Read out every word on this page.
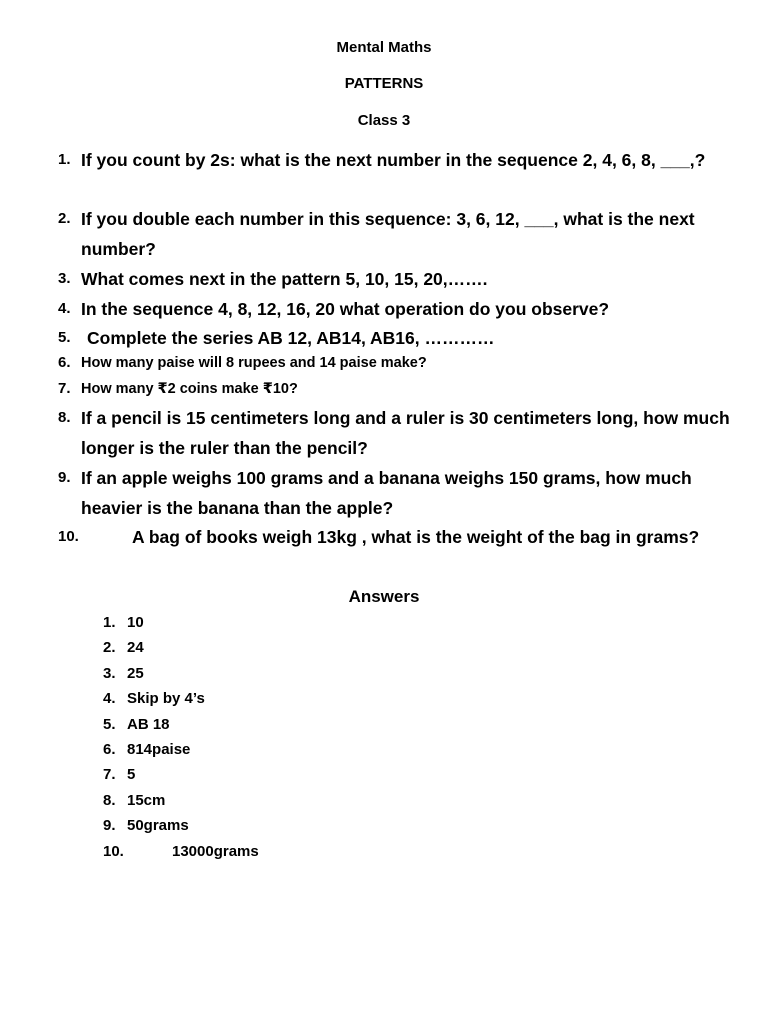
Mental Maths
PATTERNS
Class 3
1. If you count by 2s: what is the next number in the sequence 2, 4, 6, 8, ___,?
2. If you double each number in this sequence: 3, 6, 12, ___, what is the next number?
3. What comes next in the pattern 5, 10, 15, 20,…….
4. In the sequence 4, 8, 12, 16, 20 what operation do you observe?
5. Complete the series AB 12, AB14, AB16, …………
6. How many paise will 8 rupees and 14 paise make?
7. How many ₹2 coins make ₹10?
8. If a pencil is 15 centimeters long and a ruler is 30 centimeters long, how much longer is the ruler than the pencil?
9. If an apple weighs 100 grams and a banana weighs 150 grams, how much heavier is the banana than the apple?
10.	A bag of books weigh 13kg , what is the weight of the bag in grams?
Answers
1. 10
2. 24
3. 25
4. Skip by 4’s
5. AB 18
6. 814paise
7. 5
8. 15cm
9. 50grams
10.	13000grams
